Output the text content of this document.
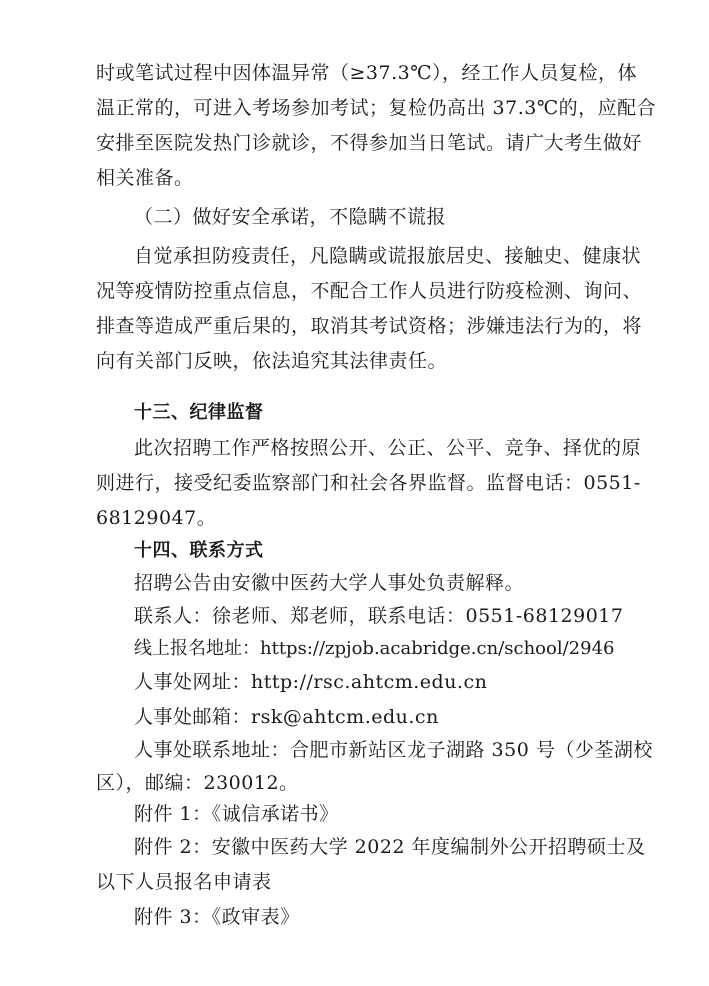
时或笔试过程中因体温异常（≥37.3℃），经工作人员复检，体
温正常的，可进入考场参加考试；复检仍高出 37.3℃的，应配合
安排至医院发热门诊就诊，不得参加当日笔试。请广大考生做好
相关准备。
（二）做好安全承诺，不隐瞒不谎报
自觉承担防疫责任，凡隐瞒或谎报旅居史、接触史、健康状
况等疫情防控重点信息，不配合工作人员进行防疫检测、询问、
排查等造成严重后果的，取消其考试资格；涉嫌违法行为的，将
向有关部门反映，依法追究其法律责任。
十三、纪律监督
此次招聘工作严格按照公开、公正、公平、竞争、择优的原
则进行，接受纪委监察部门和社会各界监督。监督电话：0551-
68129047。
十四、联系方式
招聘公告由安徽中医药大学人事处负责解释。
联系人：徐老师、郑老师，联系电话：0551-68129017
线上报名地址：https://zpjob.acabridge.cn/school/2946
人事处网址：http://rsc.ahtcm.edu.cn
人事处邮箱：rsk@ahtcm.edu.cn
人事处联系地址：合肥市新站区龙子湖路 350 号（少荃湖校
区），邮编：230012。
附件 1：《诚信承诺书》
附件 2：安徽中医药大学 2022 年度编制外公开招聘硕士及
以下人员报名申请表
附件 3：《政审表》
